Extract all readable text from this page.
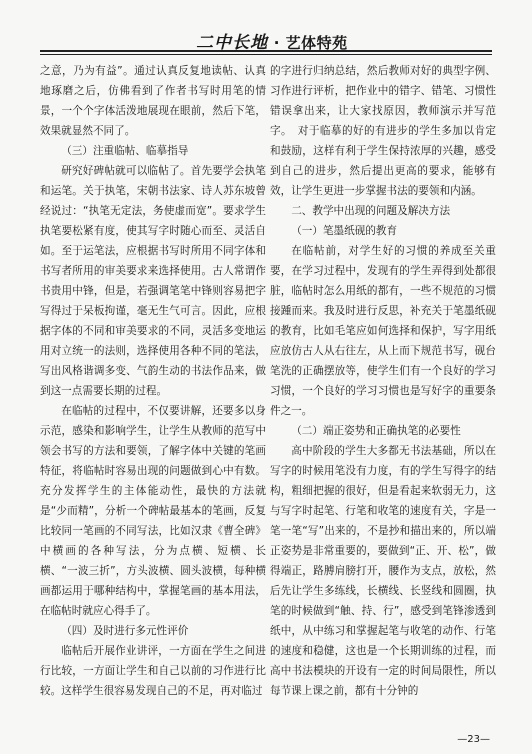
二中长地 · 艺体特苑

之意，乃为有益”。通过认真反复地读帖、认真地琢磨之后，仿佛看到了作者书写时用笔的情景，一个个字体活泼地展现在眼前，然后下笔，效果就显然不同了。

（三）注重临帖、临摹指导

研究好碑帖就可以临帖了。首先要学会执笔和运笔。关于执笔，宋朝书法家、诗人苏东坡曾经说过：“执笔无定法，务使虚而宽”。要求学生执笔要松紧有度，使其写字时随心而至、灵活自如。至于运笔法，应根据书写时所用不同字体和书写者所用的审美要求来选择使用。古人常谓作书贵用中锋，但是，若强调笔笔中锋则容易把字写得过于呆板拘谨，毫无生气可言。因此，应根据字体的不同和审美要求的不同，灵活多变地运用对立统一的法则，选择使用各种不同的笔法，写出风格谐调多变、气韵生动的书法作品来，做到这一点需要长期的过程。

在临帖的过程中，不仅要讲解，还要多以身示范，感染和影响学生，让学生从教师的范写中领会书写的方法和要领，了解字体中关键的笔画特征，将临帖时容易出现的问题做到心中有数。充分发挥学生的主体能动性，最快的方法就是“少而精”，分析一个碑帖最基本的笔画，反复比较同一笔画的不同写法，比如汉隶《曹全碑》中横画的各种写法，分为点横、短横、长横、“一波三折”，方头波横、圆头波横，每种横画都运用于哪种结构中，掌握笔画的基本用法，在临帖时就应心得手了。

（四）及时进行多元性评价

临帖后开展作业讲评，一方面在学生之间进行比较，一方面让学生和自己以前的习作进行比较。这样学生很容易发现自己的不足，再对临过

的字进行归纳总结，然后教师对好的典型字例、习作进行评析，把作业中的错字、错笔、习惯性错误拿出来，让大家找原因，教师演示并写范字。　对于临摹的好的有进步的学生多加以肯定和鼓励，这样有利于学生保持浓厚的兴趣，感受到自己的进步，然后提出更高的要求，能够有效，让学生更进一步掌握书法的要领和内涵。

二、教学中出现的问题及解决方法

（一）笔墨纸砚的教育

在临帖前，对学生好的习惯的养成至关重要，在学习过程中，发现有的学生弄得到处都很脏，临帖时怎么用纸的都有，一些不规范的习惯接踵而来。我及时进行反思，补充关于笔墨纸砚的教育，比如毛笔应如何选择和保护，写字用纸应放仿古人从右往左，从上而下规范书写，砚台笔洗的正确摆放等，使学生们有一个良好的学习习惯，一个良好的学习习惯也是写好字的重要条件之一。

（二）端正姿势和正确执笔的必要性

高中阶段的学生大多都无书法基础，所以在写字的时候用笔没有力度，有的学生写得字的结构，粗细把握的很好，但是看起来软弱无力，这与写字时起笔、行笔和收笔的速度有关，字是一笔一笔“写”出来的，不是抄和描出来的，所以端正姿势是非常重要的，要做到“正、开、松”，做得端正，路膊肩膀打开，腰作为支点，放松，然后先让学生多练线，长横线、长竖线和圆圈，执笔的时候做到“触、持、行”，感受到笔锋渗透到纸中，从中练习和掌握起笔与收笔的动作、行笔的速度和稳健，这也是一个长期训练的过程，而高中书法模块的开设有一定的时间局限性，所以每节课上课之前，都有十分钟的

—23—
